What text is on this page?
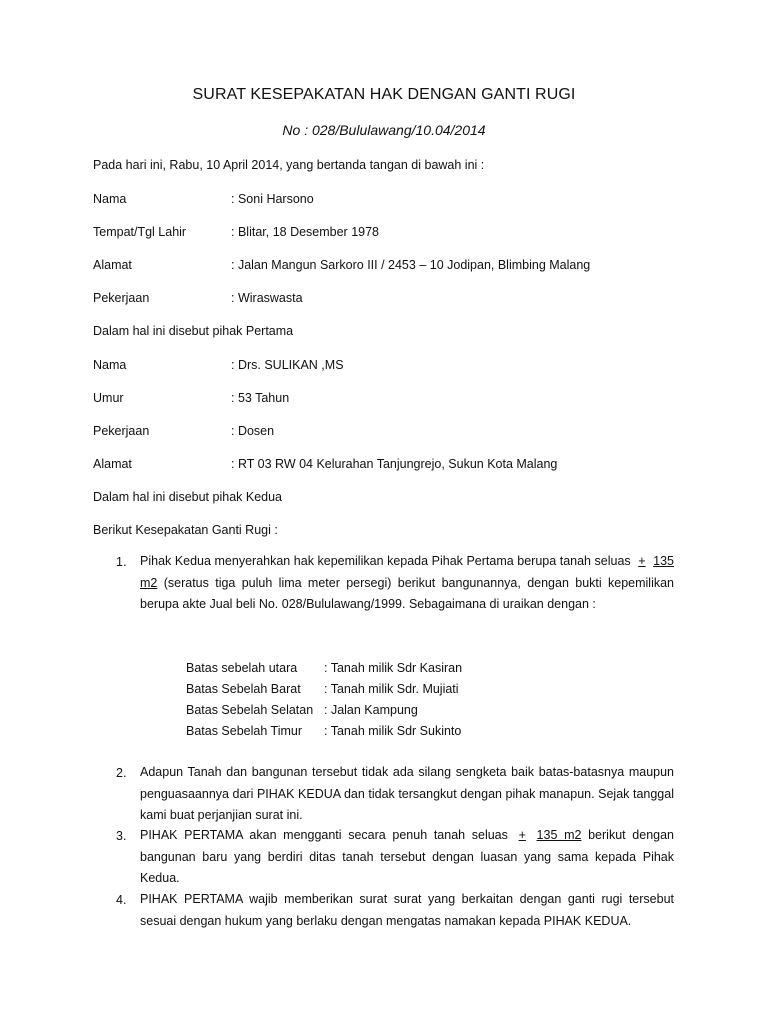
SURAT KESEPAKATAN HAK DENGAN GANTI RUGI
No : 028/Bululawang/10.04/2014
Pada hari ini, Rabu, 10 April 2014, yang bertanda tangan di bawah ini :
Nama	: Soni Harsono
Tempat/Tgl Lahir	: Blitar, 18 Desember 1978
Alamat	: Jalan Mangun Sarkoro III / 2453 – 10 Jodipan, Blimbing Malang
Pekerjaan	: Wiraswasta
Dalam hal ini disebut pihak Pertama
Nama	: Drs. SULIKAN ,MS
Umur	: 53 Tahun
Pekerjaan	: Dosen
Alamat	: RT 03 RW 04 Kelurahan Tanjungrejo, Sukun Kota Malang
Dalam hal ini disebut pihak Kedua
Berikut Kesepakatan Ganti Rugi :
1. Pihak Kedua menyerahkan hak kepemilikan kepada Pihak Pertama berupa tanah seluas + 135 m2 (seratus tiga puluh lima meter persegi) berikut bangunannya, dengan bukti kepemilikan berupa akte Jual beli No. 028/Bululawang/1999. Sebagaimana di uraikan dengan :
Batas sebelah utara	: Tanah milik Sdr Kasiran
Batas Sebelah Barat : Tanah milik Sdr. Mujiati
Batas Sebelah Selatan : Jalan Kampung
Batas Sebelah Timur : Tanah milik Sdr Sukinto
2. Adapun Tanah dan bangunan tersebut tidak ada silang sengketa baik batas-batasnya maupun penguasaannya dari PIHAK KEDUA dan tidak tersangkut dengan pihak manapun. Sejak tanggal kami buat perjanjian surat ini.
3. PIHAK PERTAMA akan mengganti secara penuh tanah seluas + 135 m2 berikut dengan bangunan baru yang berdiri ditas tanah tersebut dengan luasan yang sama kepada Pihak Kedua.
4. PIHAK PERTAMA wajib memberikan surat surat yang berkaitan dengan ganti rugi tersebut sesuai dengan hukum yang berlaku dengan mengatas namakan kepada PIHAK KEDUA.
